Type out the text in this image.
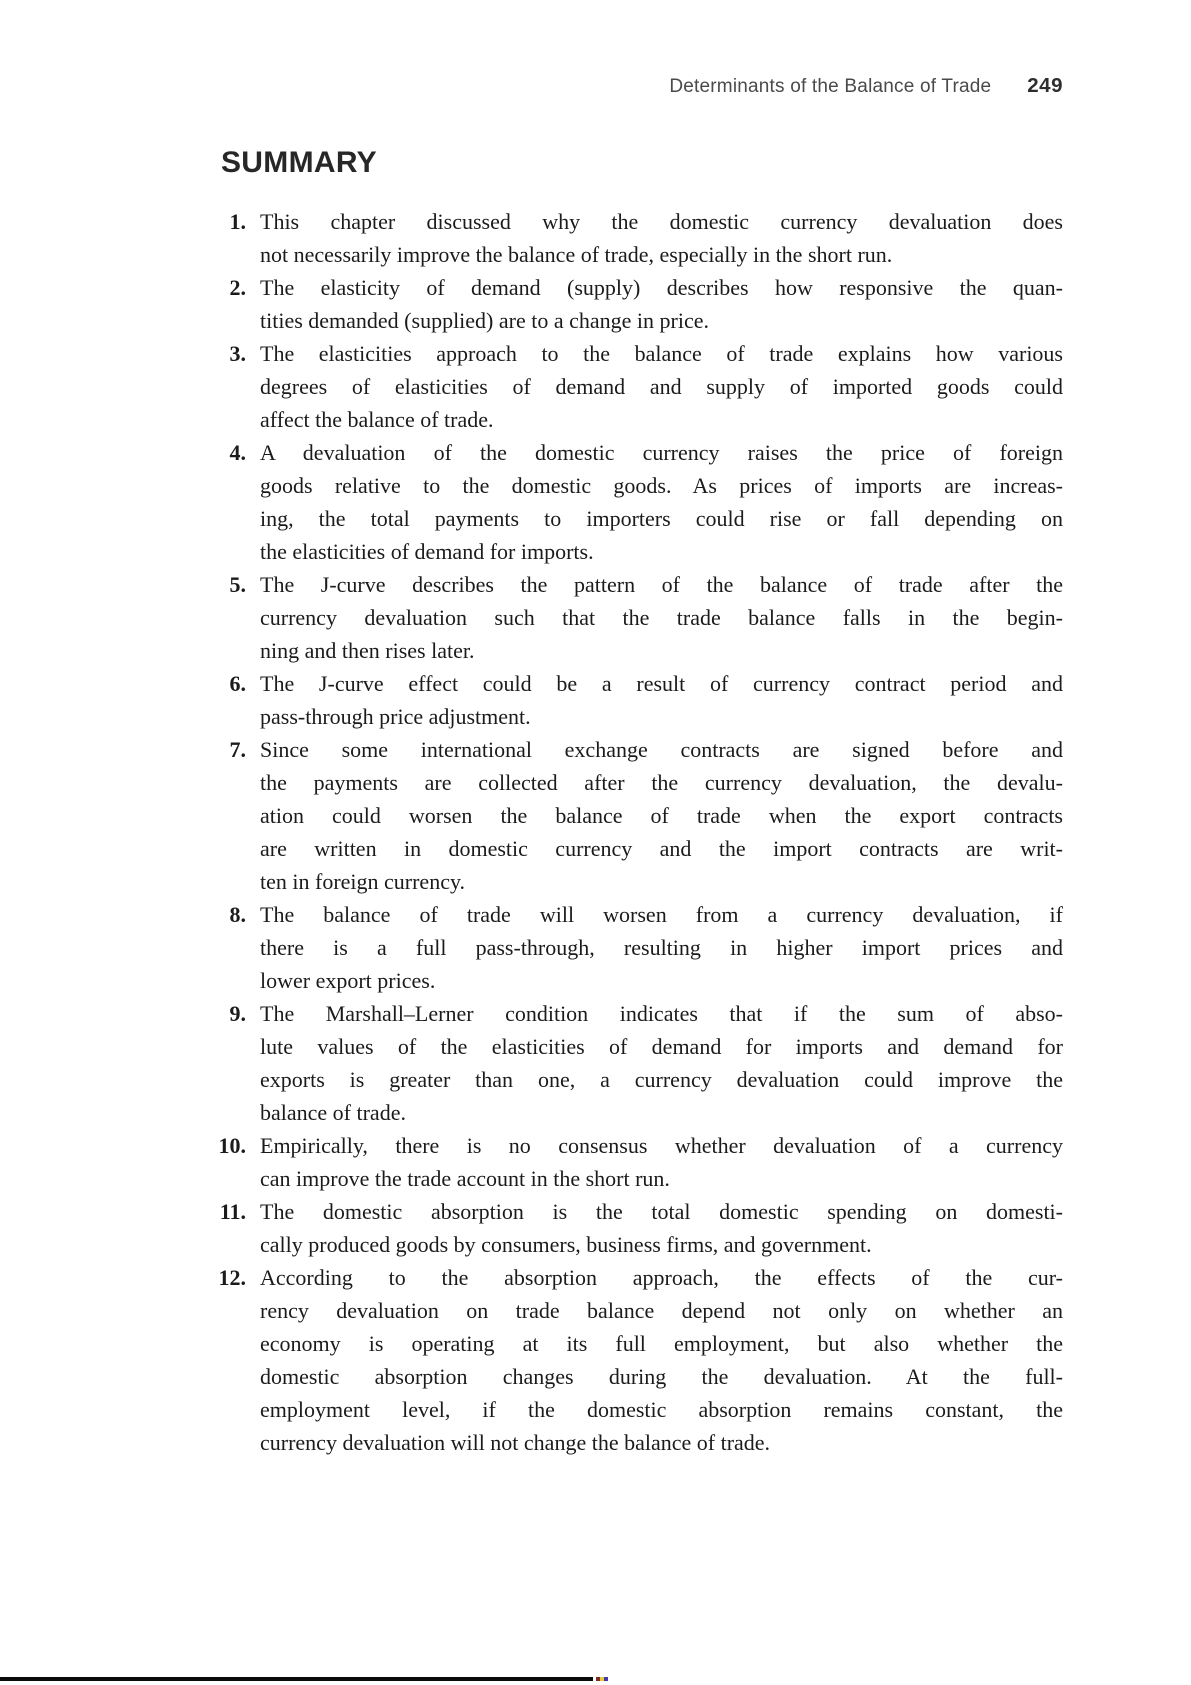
Determinants of the Balance of Trade 249
SUMMARY
1. This chapter discussed why the domestic currency devaluation does
not necessarily improve the balance of trade, especially in the short run.
2. The elasticity of demand (supply) describes how responsive the quan-
tities demanded (supplied) are to a change in price.
3. The elasticities approach to the balance of trade explains how various
degrees of elasticities of demand and supply of imported goods could
affect the balance of trade.
4. A devaluation of the domestic currency raises the price of foreign
goods relative to the domestic goods. As prices of imports are increas-
ing, the total payments to importers could rise or fall depending on
the elasticities of demand for imports.
5. The J-curve describes the pattern of the balance of trade after the
currency devaluation such that the trade balance falls in the begin-
ning and then rises later.
6. The J-curve effect could be a result of currency contract period and
pass-through price adjustment.
7. Since some international exchange contracts are signed before and
the payments are collected after the currency devaluation, the devalu-
ation could worsen the balance of trade when the export contracts
are written in domestic currency and the import contracts are writ-
ten in foreign currency.
8. The balance of trade will worsen from a currency devaluation, if
there is a full pass-through, resulting in higher import prices and
lower export prices.
9. The Marshall–Lerner condition indicates that if the sum of abso-
lute values of the elasticities of demand for imports and demand for
exports is greater than one, a currency devaluation could improve the
balance of trade.
10. Empirically, there is no consensus whether devaluation of a currency
can improve the trade account in the short run.
11. The domestic absorption is the total domestic spending on domesti-
cally produced goods by consumers, business firms, and government.
12. According to the absorption approach, the effects of the cur-
rency devaluation on trade balance depend not only on whether an
economy is operating at its full employment, but also whether the
domestic absorption changes during the devaluation. At the full-
employment level, if the domestic absorption remains constant, the
currency devaluation will not change the balance of trade.
